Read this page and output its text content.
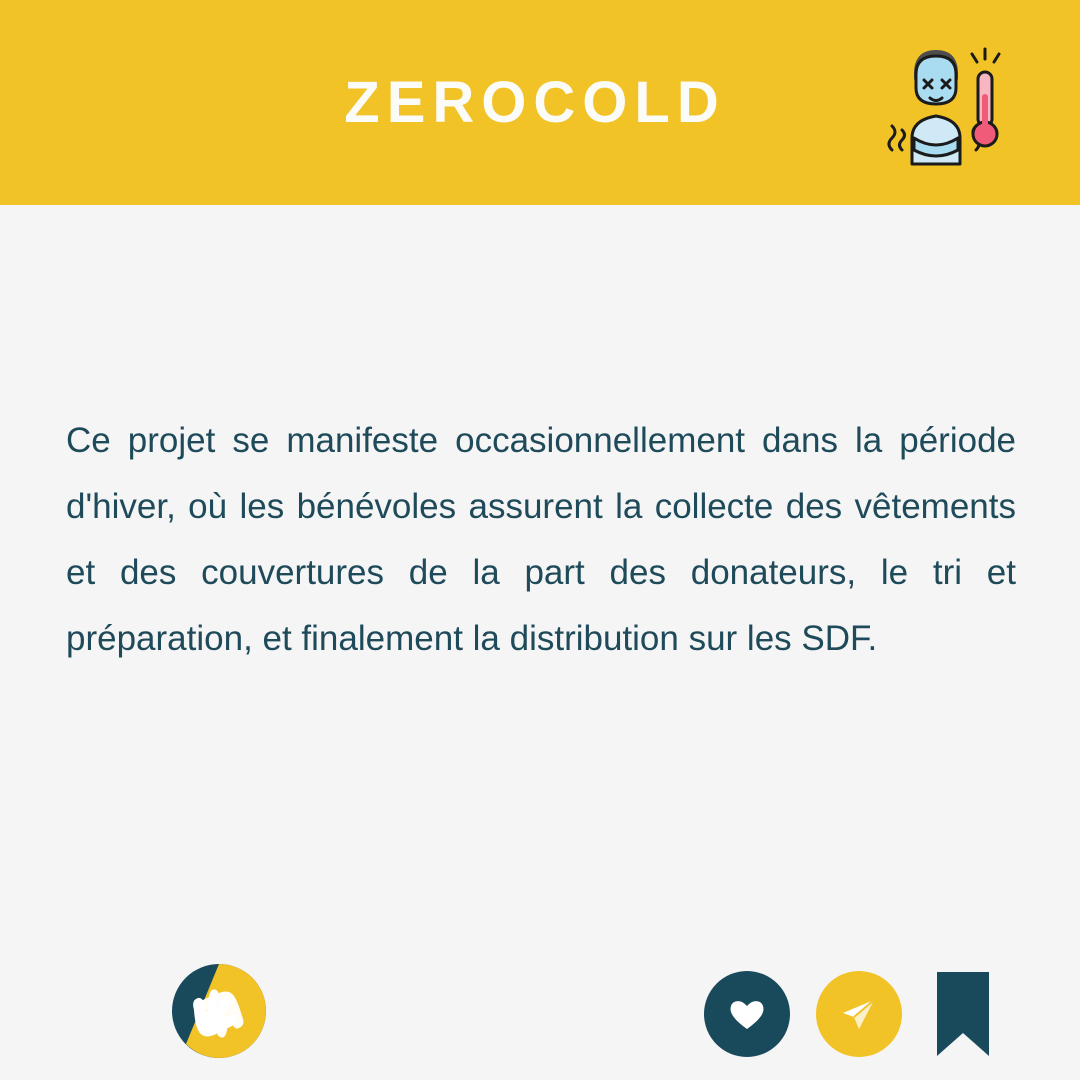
ZEROCOLD
Ce projet se manifeste occasionnellement dans la période d'hiver, où les bénévoles assurent la collecte des vêtements et des couvertures de la part des donateurs, le tri et préparation, et finalement la distribution sur les SDF.
